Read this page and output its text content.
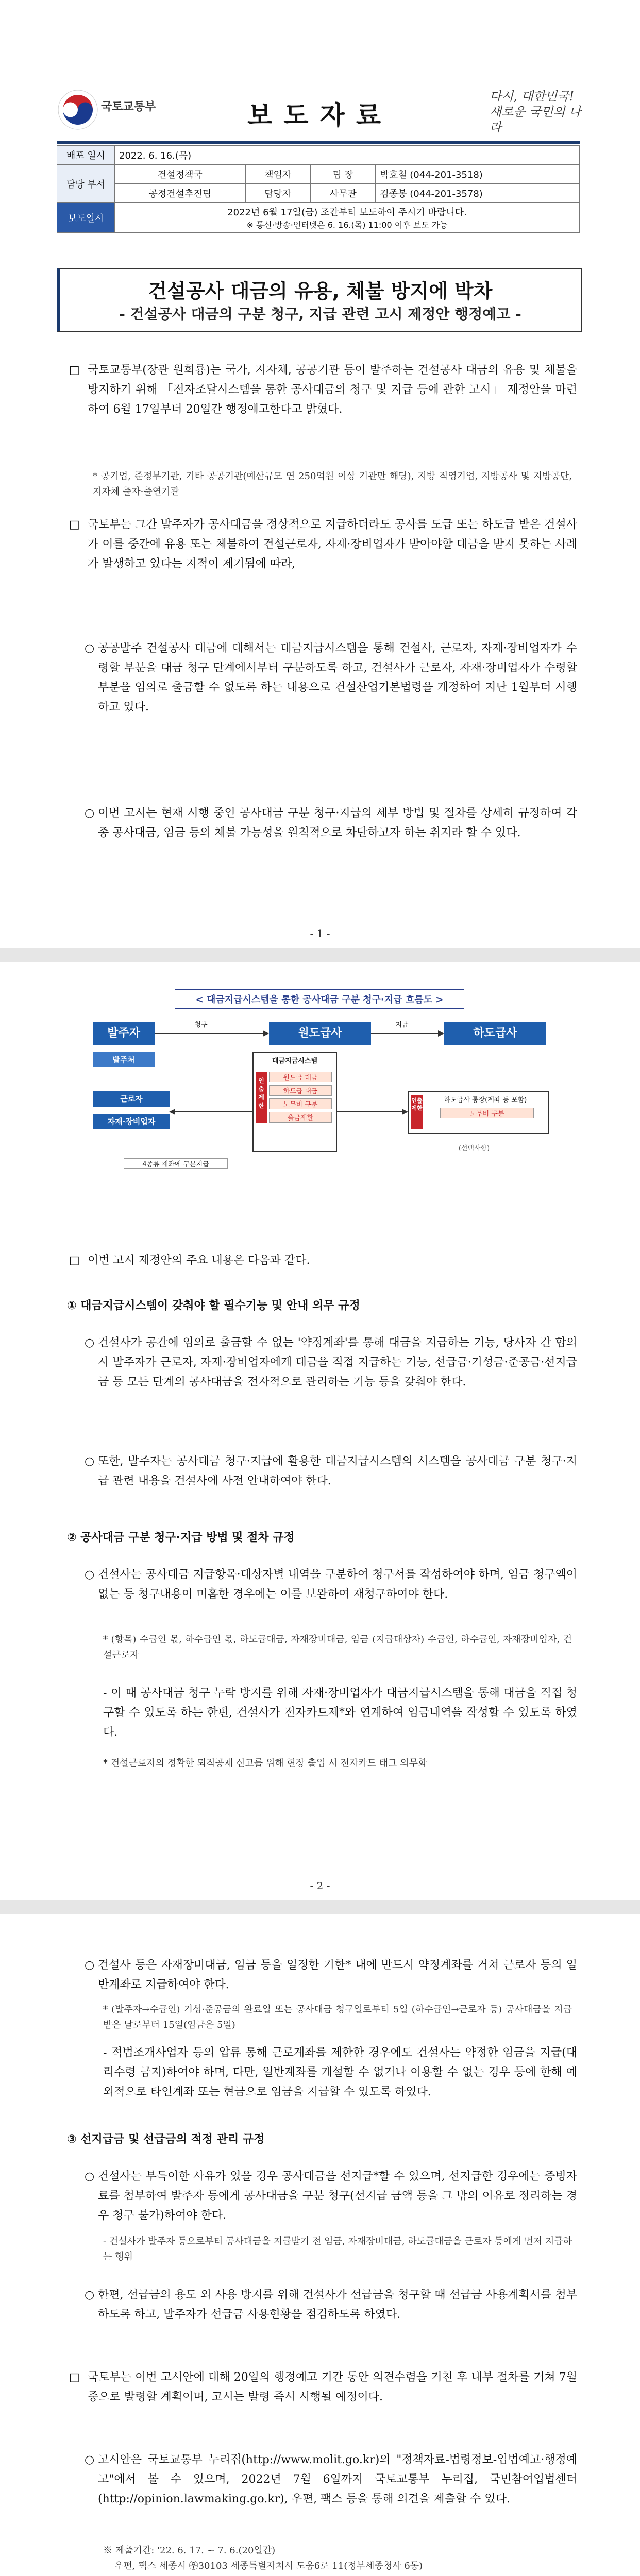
국토교통부	보도자료
다시, 대한민국!
새로운 국민의 나라
배포 일시	2022. 6. 16.(목)			
담당 부서	건설정책국	책임자	팀 장	박효철 (044-201-3518)
	공정건설추진팀	담당자	사무관	김종봉 (044-201-3578)
보도일시	2022년 6월 17일(금) 조간부터 보도하여 주시기 바랍니다.
※ 통신·방송·인터넷은 6. 16.(목) 11:00 이후 보도 가능			
건설공사 대금의 유용, 체불 방지에 박차
- 건설공사 대금의 구분 청구, 지급 관련 고시 제정안 행정예고 -
□ 국토교통부(장관 원희룡)는 국가, 지자체, 공공기관 등이 발주하는 건설공사 대금의 유용 및 체불을 방지하기 위해 「전자조달시스템을 통한 공사대금의 청구 및 지급 등에 관한 고시」 제정안을 마련하여 6월 17일부터 20일간 행정예고한다고 밝혔다.
* 공기업, 준정부기관, 기타 공공기관(예산규모 연 250억원 이상 기관만 해당), 지방 직영기업, 지방공사 및 지방공단, 지자체 출자·출연기관
□ 국토부는 그간 발주자가 공사대금을 정상적으로 지급하더라도 공사를 도급 또는 하도급 받은 건설사가 이를 중간에 유용 또는 체불하여 건설근로자, 자재·장비업자가 받아야할 대금을 받지 못하는 사례가 발생하고 있다는 지적이 제기됨에 따라,
○ 공공발주 건설공사 대금에 대해서는 대금지급시스템을 통해 건설사, 근로자, 자재·장비업자가 수령할 부분을 대금 청구 단계에서부터 구분하도록 하고, 건설사가 근로자, 자재·장비업자가 수령할 부분을 임의로 출금할 수 없도록 하는 내용으로 건설산업기본법령을 개정하여 지난 1월부터 시행하고 있다.
○ 이번 고시는 현재 시행 중인 공사대금 구분 청구·지급의 세부 방법 및 절차를 상세히 규정하여 각종 공사대금, 임금 등의 체불 가능성을 원칙적으로 차단하고자 하는 취지라 할 수 있다.
- 1 -
< 대금지급시스템을 통한 공사대금 구분 청구·지급 흐름도 >
발주자
청구
원도급사
지급
하도급사
발주처	대금지급시스템
원도급 대금
하도급 대금
노무비 구분
출금제한
인출 제한
하도급사 통장(계좌 등 포함)
노무비 구분
인출 제한
근로자
자재·장비업자
4종류 계좌에 구분지급
(선택사항)
□ 이번 고시 제정안의 주요 내용은 다음과 같다.
① 대금지급시스템이 갖춰야 할 필수기능 및 안내 의무 규정
○ 건설사가 공간에 임의로 출금할 수 없는 '약정계좌'를 통해 대금을 지급하는 기능, 당사자 간 합의 시 발주자가 근로자, 자재·장비업자에게 대금을 직접 지급하는 기능, 선급금·기성금·준공금·선지급금 등 모든 단계의 공사대금을 전자적으로 관리하는 기능 등을 갖춰야 한다.
○ 또한, 발주자는 공사대금 청구·지급에 활용한 대금지급시스템의 시스템을 공사대금 구분 청구·지급 관련 내용을 건설사에 사전 안내하여야 한다.
② 공사대금 구분 청구·지급 방법 및 절차 규정
○ 건설사는 공사대금 지급항목·대상자별 내역을 구분하여 청구서를 작성하여야 하며, 임금 청구액이 없는 등 청구내용이 미흡한 경우에는 이를 보완하여 재청구하여야 한다.
* (항목) 수급인 몫, 하수급인 몫, 하도급대금, 자재장비대금, 임금 (지급대상자) 수급인, 하수급인, 자재장비업자, 건설근로자
- 이 때 공사대금 청구 누락 방지를 위해 자재·장비업자가 대금지급시스템을 통해 대금을 직접 청구할 수 있도록 하는 한편, 건설사가 전자카드제*와 연계하여 임금내역을 작성할 수 있도록 하였다.
* 건설근로자의 정확한 퇴직공제 신고를 위해 현장 출입 시 전자카드 태그 의무화
- 2 -
○ 건설사 등은 자재장비대금, 임금 등을 일정한 기한* 내에 반드시 약정계좌를 거쳐 근로자 등의 일반계좌로 지급하여야 한다.
* (발주자→수급인) 기성·준공금의 완료일 또는 공사대금 청구일로부터 5일 (하수급인→근로자 등) 공사대금을 지급받은 날로부터 15일(임금은 5일)
- 적법조개사업자 등의 압류 통해 근로계좌를 제한한 경우에도 건설사는 약정한 임금을 지급(대리수령 금지)하여야 하며, 다만, 일반계좌를 개설할 수 없거나 이용할 수 없는 경우 등에 한해 예외적으로 타인계좌 또는 현금으로 임금을 지급할 수 있도록 하였다.
③ 선지급금 및 선급금의 적정 관리 규정
○ 건설사는 부득이한 사유가 있을 경우 공사대금을 선지급*할 수 있으며, 선지급한 경우에는 증빙자료를 첨부하여 발주자 등에게 공사대금을 구분 청구(선지급 금액 등을 그 밖의 이유로 정리하는 경우 청구 불가)하여야 한다.
- 건설사가 발주자 등으로부터 공사대금을 지급받기 전 임금, 자재장비대금, 하도급대금을 근로자 등에게 먼저 지급하는 행위
○ 한편, 선급금의 용도 외 사용 방지를 위해 건설사가 선급금을 청구할 때 선급금 사용계획서를 첨부하도록 하고, 발주자가 선급금 사용현황을 점검하도록 하였다.
□ 국토부는 이번 고시안에 대해 20일의 행정예고 기간 동안 의견수렴을 거친 후 내부 절차를 거쳐 7월 중으로 발령할 계획이며, 고시는 발령 즉시 시행될 예정이다.
○ 고시안은 국토교통부 누리집(http://www.molit.go.kr)의 "정책자료-법령정보-입법예고·행정예고"에서 볼 수 있으며, 2022년 7월 6일까지 국토교통부 누리집, 국민참여입법센터(http://opinion.lawmaking.go.kr), 우편, 팩스 등을 통해 의견을 제출할 수 있다.
※ 제출기간: '22. 6. 17. ~ 7. 6.(20일간)
우편, 팩스 세종시 ㉾30103 세종특별자치시 도움6로 11(정부세종청사 6동)
